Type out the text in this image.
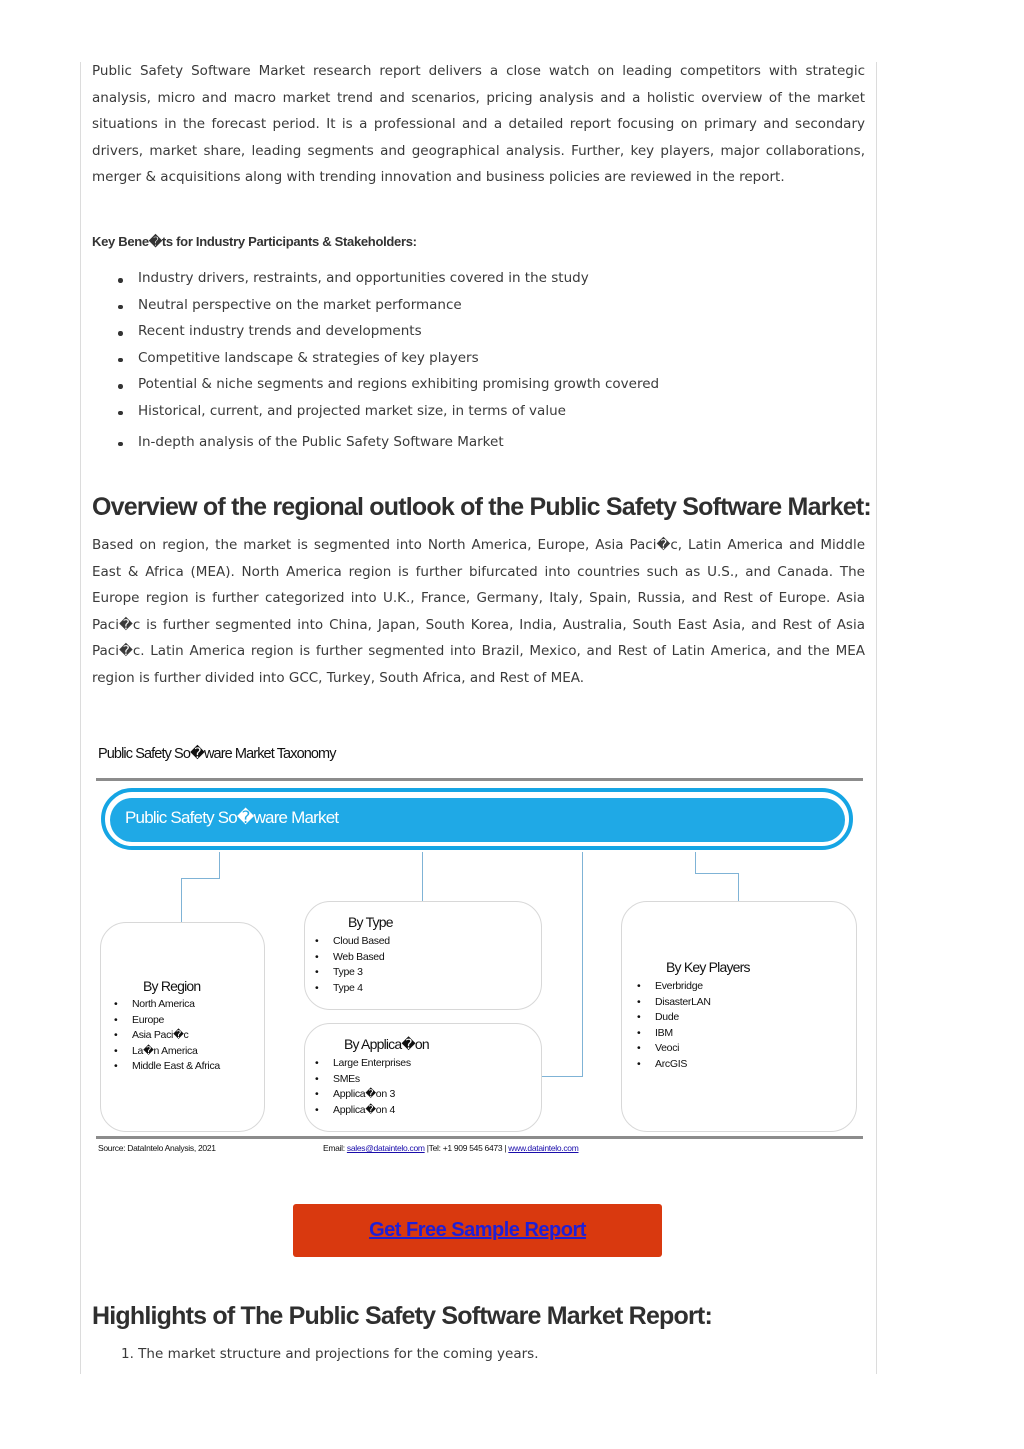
Public Safety Software Market research report delivers a close watch on leading competitors with strategic analysis, micro and macro market trend and scenarios, pricing analysis and a holistic overview of the market situations in the forecast period. It is a professional and a detailed report focusing on primary and secondary drivers, market share, leading segments and geographical analysis. Further, key players, major collaborations, merger & acquisitions along with trending innovation and business policies are reviewed in the report.

Key Bene�ts for Industry Participants & Stakeholders:
Industry drivers, restraints, and opportunities covered in the study
Neutral perspective on the market performance
Recent industry trends and developments
Competitive landscape & strategies of key players
Potential & niche segments and regions exhibiting promising growth covered
Historical, current, and projected market size, in terms of value
In-depth analysis of the Public Safety Software Market
Overview of the regional outlook of the Public Safety Software Market:

Based on region, the market is segmented into North America, Europe, Asia Paci�c, Latin America and Middle East & Africa (MEA). North America region is further bifurcated into countries such as U.S., and Canada. The Europe region is further categorized into U.K., France, Germany, Italy, Spain, Russia, and Rest of Europe. Asia Paci�c is further segmented into China, Japan, South Korea, India, Australia, South East Asia, and Rest of Asia Paci�c. Latin America region is further segmented into Brazil, Mexico, and Rest of Latin America, and the MEA region is further divided into GCC, Turkey, South Africa, and Rest of MEA.

Public Safety So�ware Market Taxonomy
Public Safety So�ware Market
By Region
• North America
• Europe
• Asia Paci�c
• La�n America
• Middle East & Africa
By Type
• Cloud Based
• Web Based
• Type 3
• Type 4
By Applica�on
• Large Enterprises
• SMEs
• Applica�on 3
• Applica�on 4
By Key Players
• Everbridge
• DisasterLAN
• Dude
• IBM
• Veoci
• ArcGIS
Source: DataIntelo Analysis, 2021	Email: sales@dataintelo.com |Tel: +1 909 545 6473 | www.dataintelo.com
Get Free Sample Report
Highlights of The Public Safety Software Market Report:
1. The market structure and projections for the coming years.
